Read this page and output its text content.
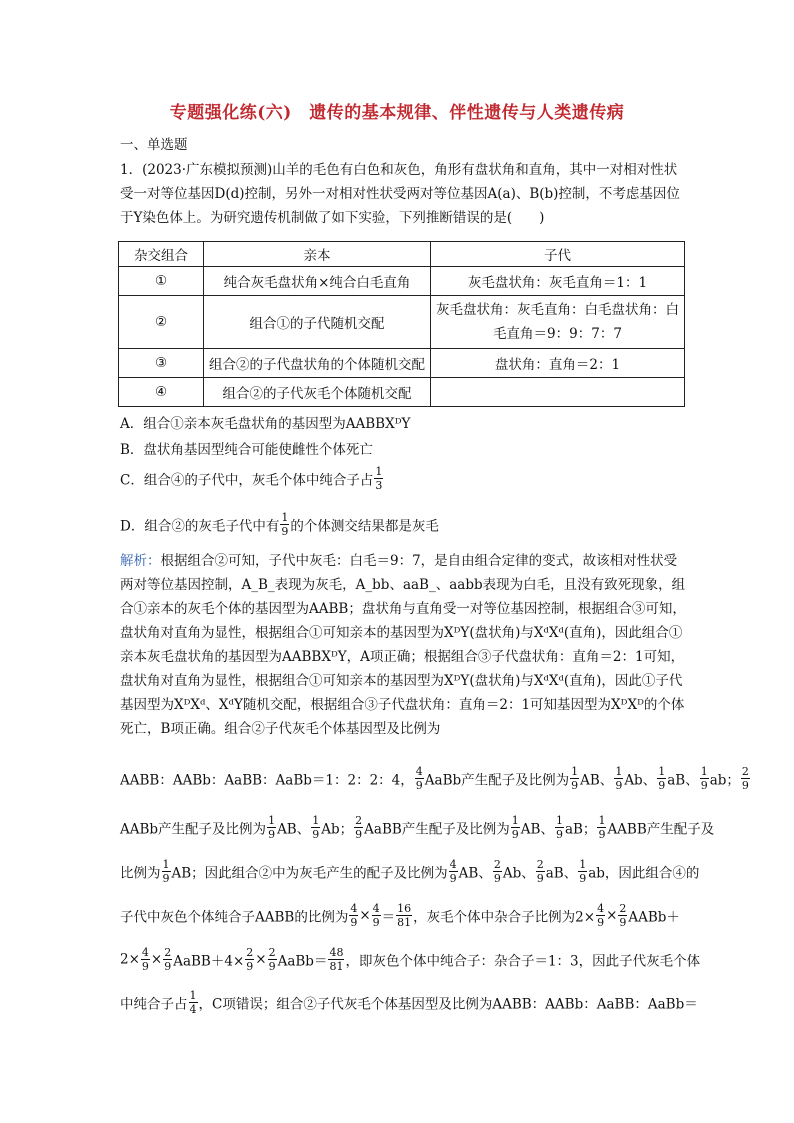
专题强化练(六)　遗传的基本规律、伴性遗传与人类遗传病
一、单选题
1．(2023·广东模拟预测)山羊的毛色有白色和灰色，角形有盘状角和直角，其中一对相对性状受一对等位基因D(d)控制，另外一对相对性状受两对等位基因A(a)、B(b)控制，不考虑基因位于Y染色体上。为研究遗传机制做了如下实验，下列推断错误的是(　　)
杂交组合	亲本	子代
①	纯合灰毛盘状角×纯合白毛直角	灰毛盘状角：灰毛直角＝1：1
②	组合①的子代随机交配	灰毛盘状角：灰毛直角：白毛盘状角：白毛直角＝9：9：7：7
③	组合②的子代盘状角的个体随机交配	盘状角：直角＝2：1
④	组合②的子代灰毛个体随机交配	
A．组合①亲本灰毛盘状角的基因型为AABBXᴰY
B．盘状角基因型纯合可能使雌性个体死亡
C．组合④的子代中，灰毛个体中纯合子占 $\frac{1}{3}$
D．组合②的灰毛子代中有 $\frac{1}{9}$ 的个体测交结果都是灰毛
解析：根据组合②可知，子代中灰毛：白毛＝9：7，是自由组合定律的变式，故该相对性状受两对等位基因控制，A_B_表现为灰毛，A_bb、aaB_、aabb表现为白毛，且没有致死现象，组合①亲本的灰毛个体的基因型为AABB；盘状角与直角受一对等位基因控制，根据组合③可知，盘状角对直角为显性，根据组合①可知亲本的基因型为XᴰY(盘状角)与XᵈXᵈ(直角)，因此组合①亲本灰毛盘状角的基因型为AABBXᴰY，A项正确；根据组合③子代盘状角：直角＝2：1可知，盘状角对直角为显性，根据组合①可知亲本的基因型为XᴰY(盘状角)与XᵈXᵈ(直角)，因此①子代基因型为XᴰXᵈ、XᵈY随机交配，根据组合③子代盘状角：直角＝2：1可知基因型为XᴰXᴰ的个体死亡，B项正确。组合②子代灰毛个体基因型及比例为
AABB：AABb：AaBB：AaBb＝1：2：2：4， $\frac{4}{9}$ AaBb产生配子及比例为 $\frac{1}{9}$ AB、 $\frac{1}{9}$ Ab、 $\frac{1}{9}$ aB、 $\frac{1}{9}$ ab； $\frac{2}{9}$
AABb产生配子及比例为 $\frac{1}{9}$ AB、 $\frac{1}{9}$ Ab； $\frac{2}{9}$ AaBB产生配子及比例为 $\frac{1}{9}$ AB、 $\frac{1}{9}$ aB； $\frac{1}{9}$ AABB产生配子及
比例为 $\frac{1}{9}$ AB；因此组合②中为灰毛产生的配子及比例为 $\frac{4}{9}$ AB、 $\frac{2}{9}$ Ab、 $\frac{2}{9}$ aB、 $\frac{1}{9}$ ab，因此组合④的
子代中灰色个体纯合子AABB的比例为 $\frac{4}{9} \times \frac{4}{9} = \frac{16}{81}$ ，灰毛个体中杂合子比例为$2\times \frac{4}{9} \times \frac{2}{9}$ AABb＋
$2\times \frac{4}{9} \times \frac{2}{9}$ AaBB＋4× $\frac{2}{9} \times \frac{2}{9}$ AaBb＝ $\frac{48}{81}$ ，即灰色个体中纯合子：杂合子＝1：3，因此子代灰毛个体
中纯合子占 $\frac{1}{4}$ ，C项错误；组合②子代灰毛个体基因型及比例为AABB：AABb：AaBB：AaBb＝
